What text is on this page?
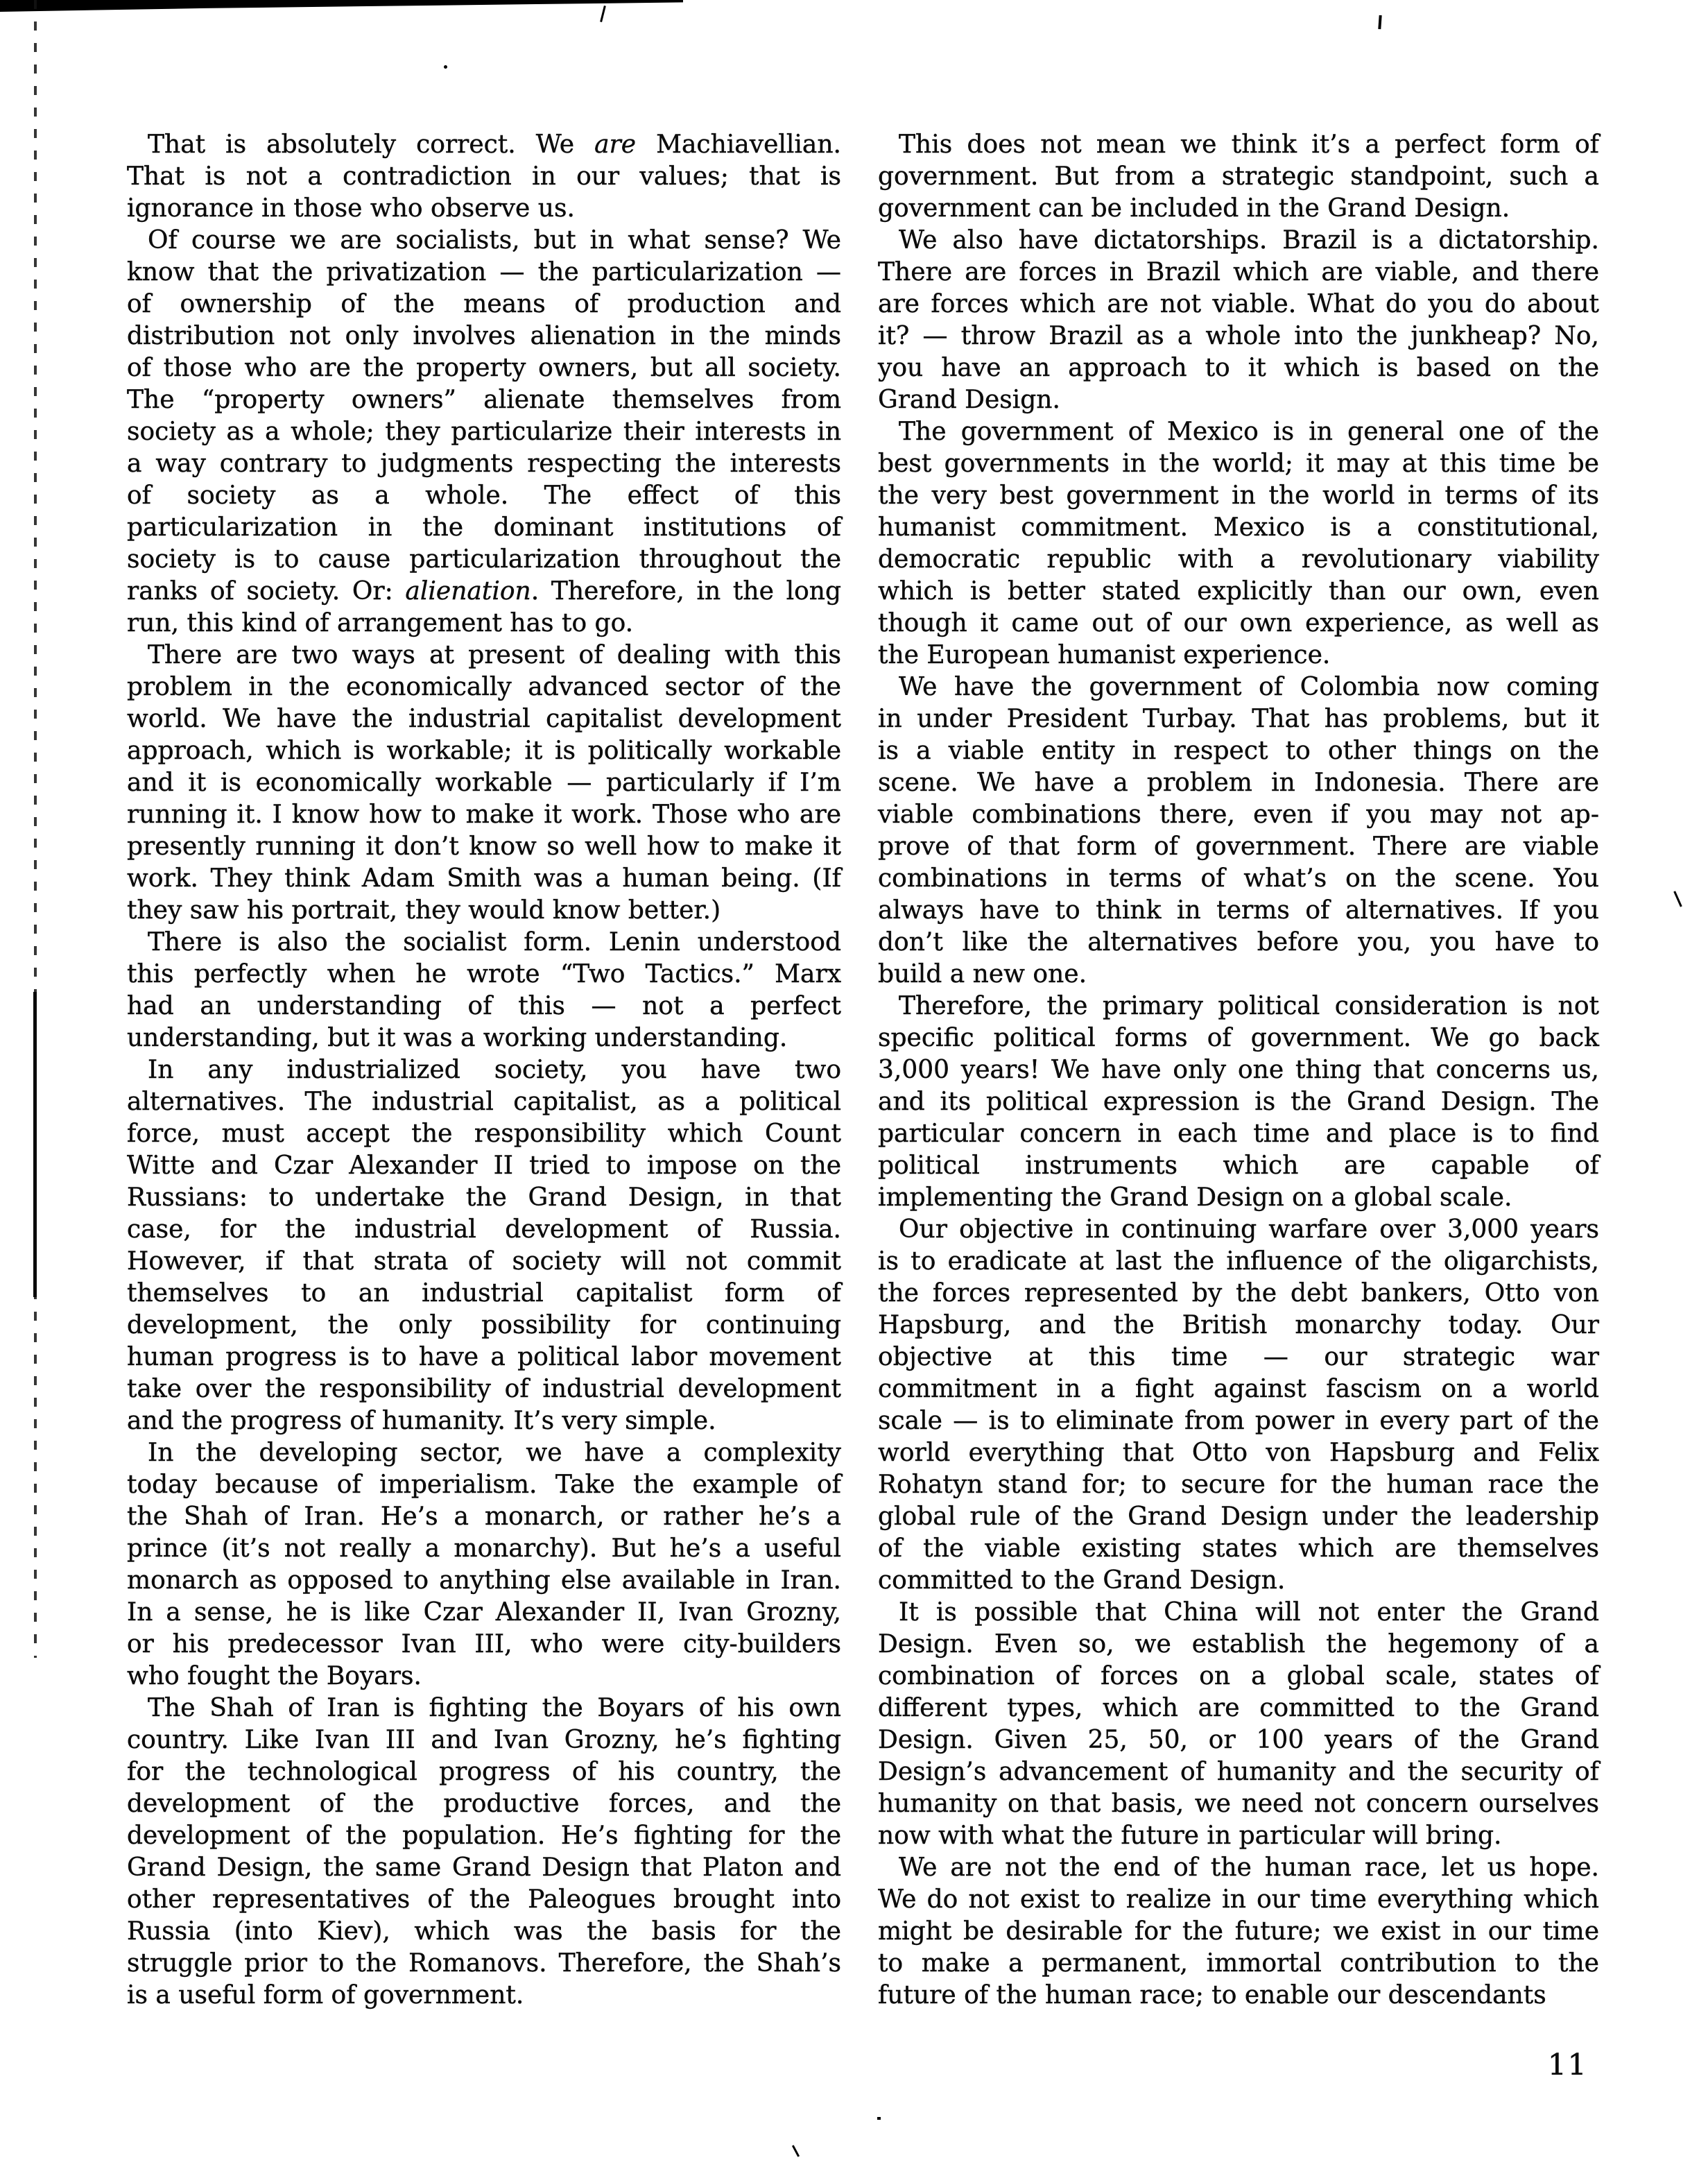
That is absolutely correct. We are Machiavellian.
That is not a contradiction in our values; that is
ignorance in those who observe us.
Of course we are socialists, but in what sense? We
know that the privatization — the particularization —
of ownership of the means of production and
distribution not only involves alienation in the minds
of those who are the property owners, but all society.
The “property owners” alienate themselves from
society as a whole; they particularize their interests in
a way contrary to judgments respecting the interests
of society as a whole. The effect of this
particularization in the dominant institutions of
society is to cause particularization throughout the
ranks of society. Or: alienation. Therefore, in the long
run, this kind of arrangement has to go.
There are two ways at present of dealing with this
problem in the economically advanced sector of the
world. We have the industrial capitalist development
approach, which is workable; it is politically workable
and it is economically workable — particularly if I’m
running it. I know how to make it work. Those who are
presently running it don’t know so well how to make it
work. They think Adam Smith was a human being. (If
they saw his portrait, they would know better.)
There is also the socialist form. Lenin understood
this perfectly when he wrote “Two Tactics.” Marx
had an understanding of this — not a perfect
understanding, but it was a working understanding.
In any industrialized society, you have two
alternatives. The industrial capitalist, as a political
force, must accept the responsibility which Count
Witte and Czar Alexander II tried to impose on the
Russians: to undertake the Grand Design, in that
case, for the industrial development of Russia.
However, if that strata of society will not commit
themselves to an industrial capitalist form of
development, the only possibility for continuing
human progress is to have a political labor movement
take over the responsibility of industrial development
and the progress of humanity. It’s very simple.
In the developing sector, we have a complexity
today because of imperialism. Take the example of
the Shah of Iran. He’s a monarch, or rather he’s a
prince (it’s not really a monarchy). But he’s a useful
monarch as opposed to anything else available in Iran.
In a sense, he is like Czar Alexander II, Ivan Grozny,
or his predecessor Ivan III, who were city-builders
who fought the Boyars.
The Shah of Iran is fighting the Boyars of his own
country. Like Ivan III and Ivan Grozny, he’s fighting
for the technological progress of his country, the
development of the productive forces, and the
development of the population. He’s fighting for the
Grand Design, the same Grand Design that Platon and
other representatives of the Paleogues brought into
Russia (into Kiev), which was the basis for the
struggle prior to the Romanovs. Therefore, the Shah’s
is a useful form of government.
This does not mean we think it’s a perfect form of
government. But from a strategic standpoint, such a
government can be included in the Grand Design.
We also have dictatorships. Brazil is a dictatorship.
There are forces in Brazil which are viable, and there
are forces which are not viable. What do you do about
it? — throw Brazil as a whole into the junkheap? No,
you have an approach to it which is based on the
Grand Design.
The government of Mexico is in general one of the
best governments in the world; it may at this time be
the very best government in the world in terms of its
humanist commitment. Mexico is a constitutional,
democratic republic with a revolutionary viability
which is better stated explicitly than our own, even
though it came out of our own experience, as well as
the European humanist experience.
We have the government of Colombia now coming
in under President Turbay. That has problems, but it
is a viable entity in respect to other things on the
scene. We have a problem in Indonesia. There are
viable combinations there, even if you may not ap-
prove of that form of government. There are viable
combinations in terms of what’s on the scene. You
always have to think in terms of alternatives. If you
don’t like the alternatives before you, you have to
build a new one.
Therefore, the primary political consideration is not
specific political forms of government. We go back
3,000 years! We have only one thing that concerns us,
and its political expression is the Grand Design. The
particular concern in each time and place is to find
political instruments which are capable of
implementing the Grand Design on a global scale.
Our objective in continuing warfare over 3,000 years
is to eradicate at last the influence of the oligarchists,
the forces represented by the debt bankers, Otto von
Hapsburg, and the British monarchy today. Our
objective at this time — our strategic war
commitment in a fight against fascism on a world
scale — is to eliminate from power in every part of the
world everything that Otto von Hapsburg and Felix
Rohatyn stand for; to secure for the human race the
global rule of the Grand Design under the leadership
of the viable existing states which are themselves
committed to the Grand Design.
It is possible that China will not enter the Grand
Design. Even so, we establish the hegemony of a
combination of forces on a global scale, states of
different types, which are committed to the Grand
Design. Given 25, 50, or 100 years of the Grand
Design’s advancement of humanity and the security of
humanity on that basis, we need not concern ourselves
now with what the future in particular will bring.
We are not the end of the human race, let us hope.
We do not exist to realize in our time everything which
might be desirable for the future; we exist in our time
to make a permanent, immortal contribution to the
future of the human race; to enable our descendants
11
